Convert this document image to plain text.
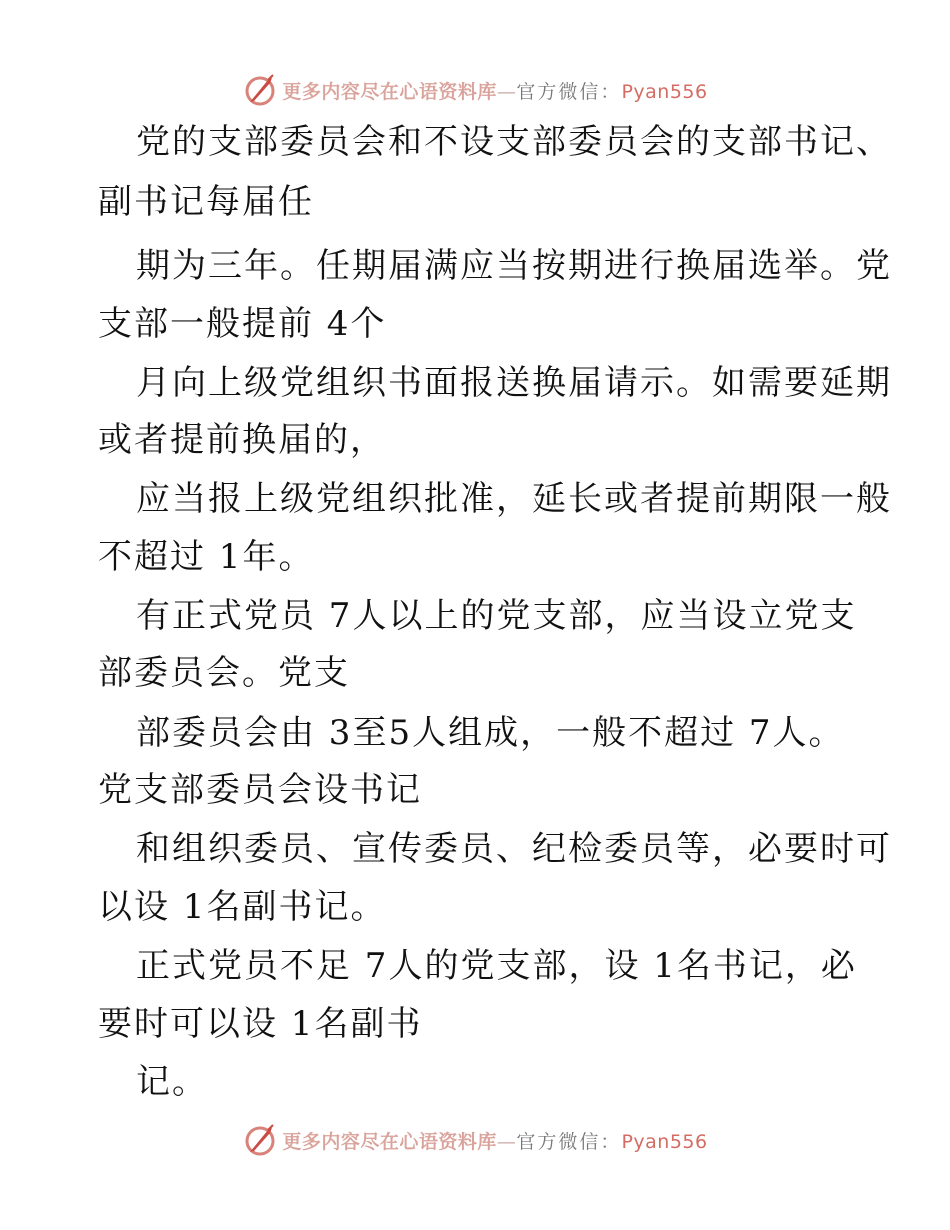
更多内容尽在心语资料库—官方微信：Pyan556
党的支部委员会和不设支部委员会的支部书记、
副书记每届任
期为三年。任期届满应当按期进行换届选举。党
支部一般提前 4个
月向上级党组织书面报送换届请示。如需要延期
或者提前换届的，
应当报上级党组织批准，延长或者提前期限一般
不超过 1年。
有正式党员 7人以上的党支部，应当设立党支
部委员会。党支
部委员会由 3至5人组成，一般不超过 7人。
党支部委员会设书记
和组织委员、宣传委员、纪检委员等，必要时可
以设 1名副书记。
正式党员不足 7人的党支部，设 1名书记，必
要时可以设 1名副书
记。
更多内容尽在心语资料库—官方微信：Pyan556
